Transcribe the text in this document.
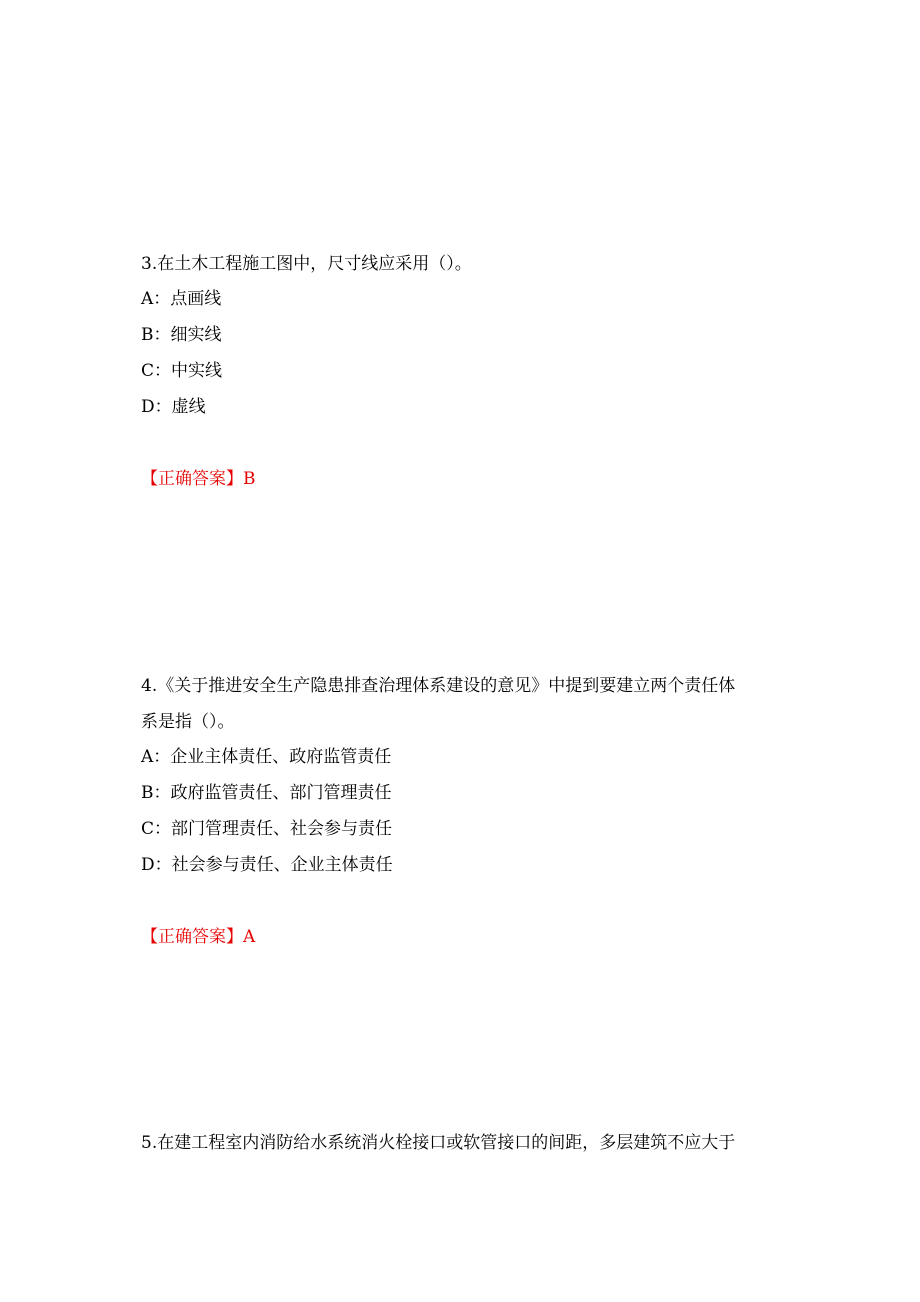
3.在土木工程施工图中，尺寸线应采用（）。
A：点画线
B：细实线
C：中实线
D：虚线
【正确答案】B
4.《关于推进安全生产隐患排查治理体系建设的意见》中提到要建立两个责任体
系是指（）。
A：企业主体责任、政府监管责任
B：政府监管责任、部门管理责任
C：部门管理责任、社会参与责任
D：社会参与责任、企业主体责任
【正确答案】A
5.在建工程室内消防给水系统消火栓接口或软管接口的间距，多层建筑不应大于
